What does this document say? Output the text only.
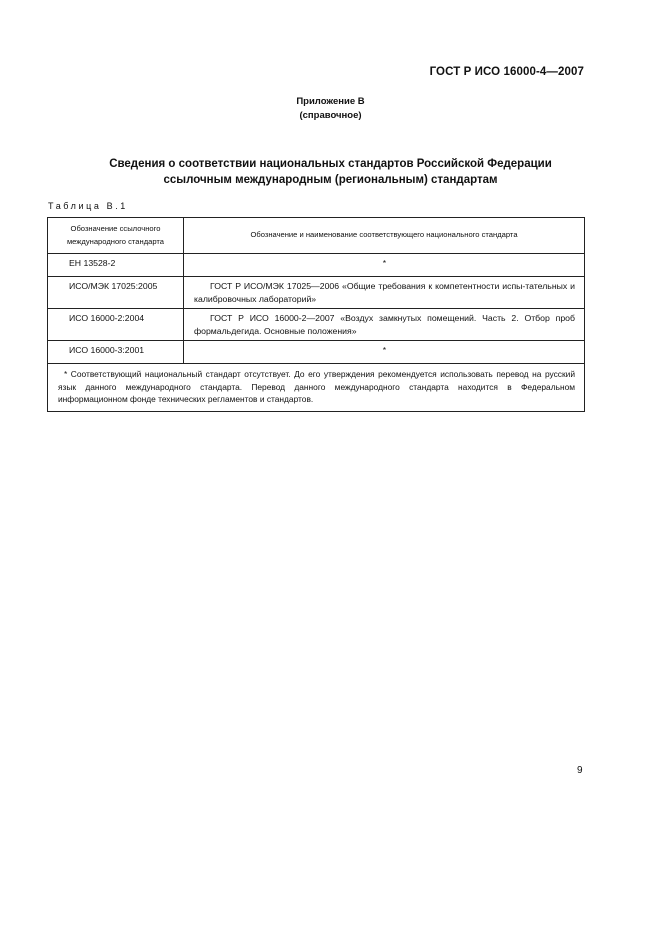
ГОСТ Р ИСО 16000-4—2007
Приложение В
(справочное)
Сведения о соответствии национальных стандартов Российской Федерации
ссылочным международным (региональным) стандартам
Таблица В.1
Обозначение ссылочного
международного стандарта	Обозначение и наименование соответствующего национального стандарта
ЕН 13528-2	*
ИСО/МЭК 17025:2005	ГОСТ Р ИСО/МЭК 17025—2006 «Общие требования к компетентности испы-тательных и калибровочных лабораторий»
ИСО 16000-2:2004	ГОСТ Р ИСО 16000-2—2007 «Воздух замкнутых помещений. Часть 2. Отбор проб формальдегида. Основные положения»
ИСО 16000-3:2001	*
* Соответствующий национальный стандарт отсутствует. До его утверждения рекомендуется использовать перевод на русский язык данного международного стандарта. Перевод данного международного стандарта находится в Федеральном информационном фонде технических регламентов и стандартов.	
9
